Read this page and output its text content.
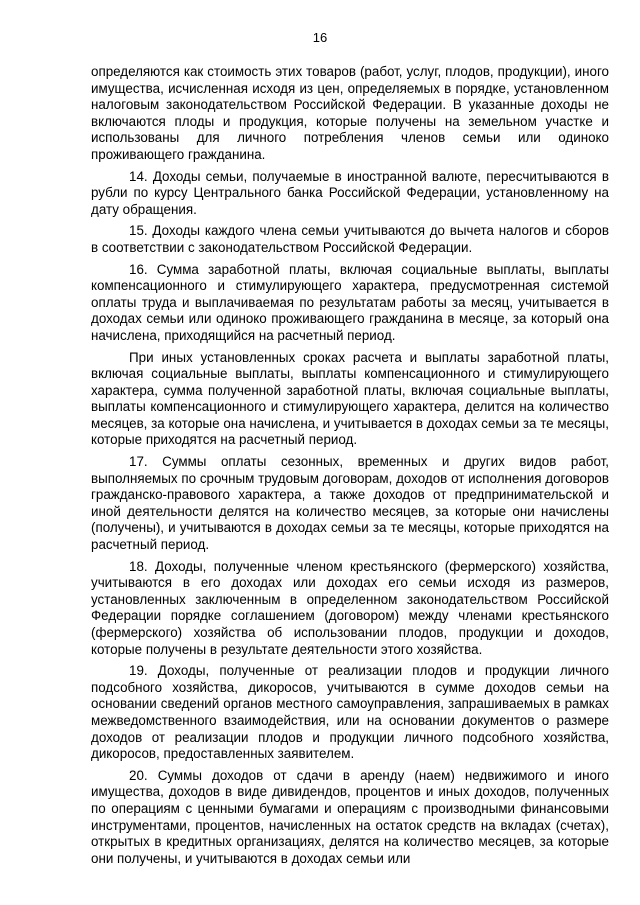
16

определяются как стоимость этих товаров (работ, услуг, плодов, продукции), иного имущества, исчисленная исходя из цен, определяемых в порядке, установленном налоговым законодательством Российской Федерации. В указанные доходы не включаются плоды и продукция, которые получены на земельном участке и использованы для личного потребления членов семьи или одиноко проживающего гражданина.

14. Доходы семьи, получаемые в иностранной валюте, пересчитываются в рубли по курсу Центрального банка Российской Федерации, установленному на дату обращения.

15. Доходы каждого члена семьи учитываются до вычета налогов и сборов в соответствии с законодательством Российской Федерации.

16. Сумма заработной платы, включая социальные выплаты, выплаты компенсационного и стимулирующего характера, предусмотренная системой оплаты труда и выплачиваемая по результатам работы за месяц, учитывается в доходах семьи или одиноко проживающего гражданина в месяце, за который она начислена, приходящийся на расчетный период.

При иных установленных сроках расчета и выплаты заработной платы, включая социальные выплаты, выплаты компенсационного и стимулирующего характера, сумма полученной заработной платы, включая социальные выплаты, выплаты компенсационного и стимулирующего характера, делится на количество месяцев, за которые она начислена, и учитывается в доходах семьи за те месяцы, которые приходятся на расчетный период.

17. Суммы оплаты сезонных, временных и других видов работ, выполняемых по срочным трудовым договорам, доходов от исполнения договоров гражданско-правового характера, а также доходов от предпринимательской и иной деятельности делятся на количество месяцев, за которые они начислены (получены), и учитываются в доходах семьи за те месяцы, которые приходятся на расчетный период.

18. Доходы, полученные членом крестьянского (фермерского) хозяйства, учитываются в его доходах или доходах его семьи исходя из размеров, установленных заключенным в определенном законодательством Российской Федерации порядке соглашением (договором) между членами крестьянского (фермерского) хозяйства об использовании плодов, продукции и доходов, которые получены в результате деятельности этого хозяйства.

19. Доходы, полученные от реализации плодов и продукции личного подсобного хозяйства, дикоросов, учитываются в сумме доходов семьи на основании сведений органов местного самоуправления, запрашиваемых в рамках межведомственного взаимодействия, или на основании документов о размере доходов от реализации плодов и продукции личного подсобного хозяйства, дикоросов, предоставленных заявителем.

20. Суммы доходов от сдачи в аренду (наем) недвижимого и иного имущества, доходов в виде дивидендов, процентов и иных доходов, полученных по операциям с ценными бумагами и операциям с производными финансовыми инструментами, процентов, начисленных на остаток средств на вкладах (счетах), открытых в кредитных организациях, делятся на количество месяцев, за которые они получены, и учитываются в доходах семьи или
